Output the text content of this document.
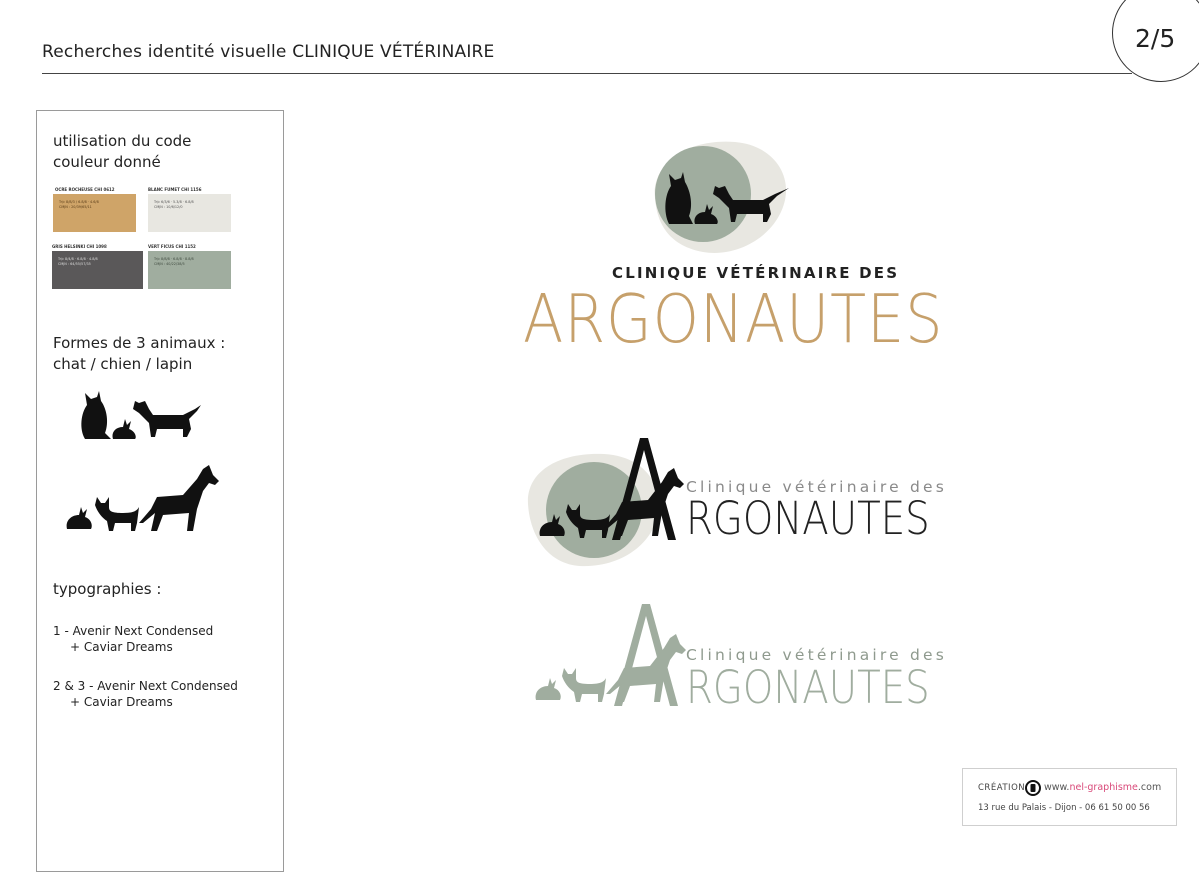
Recherches identité visuelle CLINIQUE VÉTÉRINAIRE	2/5
utilisation du code
couleur donné
OCRE ROCHEUSE CHI 0612
Tr/c 8/8/3 / 6.8/8 · 4.6/8
CMJN : 20/39/65/11
BLANC FUMET CHI 1156
Tr/c 6/3/6 · 5.3/8 · 6.8/8
CMJN : 10/6/12/0
GRIS HELSINKI CHI 1098
Tr/c 8/4/8 · 6.8/8 · 4.8/8
CMJN : 64/55/57/35
VERT FICUS CHI 1152
Tr/c 8/8/8 · 6.8/8 · 8.8/8
CMJN : 40/22/38/5
Formes de 3 animaux :
chat / chien / lapin
typographies :
1 - Avenir Next Condensed
+ Caviar Dreams
2 & 3 - Avenir Next Condensed
+ Caviar Dreams
CLINIQUE VÉTÉRINAIRE DES
ARGONAUTES
Clinique vétérinaire des
RGONAUTES
Clinique vétérinaire des
RGONAUTES
CRÉATION www.nel-graphisme.com
13 rue du Palais - Dijon - 06 61 50 00 56
